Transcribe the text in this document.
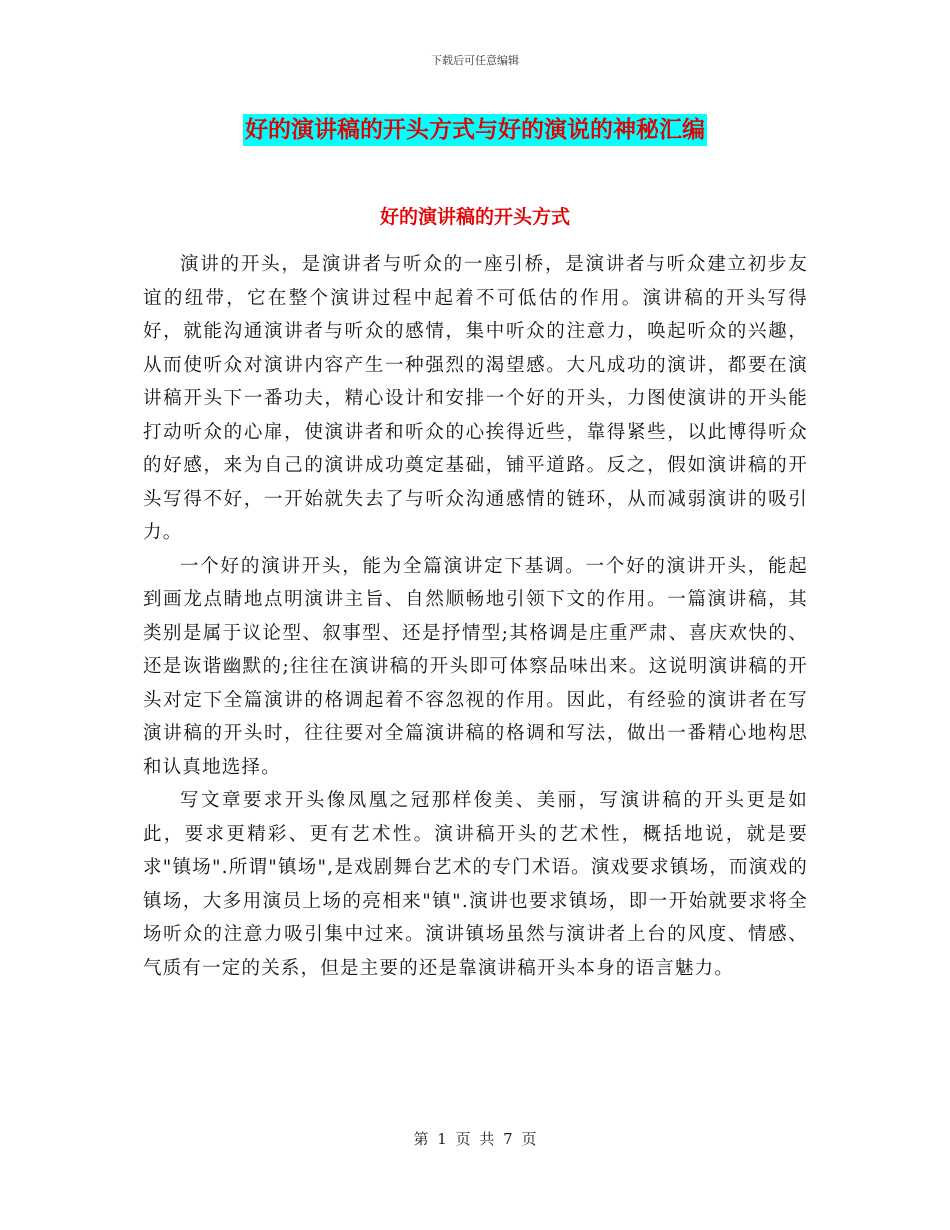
下载后可任意编辑
好的演讲稿的开头方式与好的演说的神秘汇编
好的演讲稿的开头方式

演讲的开头，是演讲者与听众的一座引桥，是演讲者与听众建立初步友谊的纽带，它在整个演讲过程中起着不可低估的作用。演讲稿的开头写得好，就能沟通演讲者与听众的感情，集中听众的注意力，唤起听众的兴趣，从而使听众对演讲内容产生一种强烈的渴望感。大凡成功的演讲，都要在演讲稿开头下一番功夫，精心设计和安排一个好的开头，力图使演讲的开头能打动听众的心扉，使演讲者和听众的心挨得近些，靠得紧些，以此博得听众的好感，来为自己的演讲成功奠定基础，铺平道路。反之，假如演讲稿的开头写得不好，一开始就失去了与听众沟通感情的链环，从而减弱演讲的吸引力。

一个好的演讲开头，能为全篇演讲定下基调。一个好的演讲开头，能起到画龙点睛地点明演讲主旨、自然顺畅地引领下文的作用。一篇演讲稿，其类别是属于议论型、叙事型、还是抒情型;其格调是庄重严肃、喜庆欢快的、还是诙谐幽默的;往往在演讲稿的开头即可体察品味出来。这说明演讲稿的开头对定下全篇演讲的格调起着不容忽视的作用。因此，有经验的演讲者在写演讲稿的开头时，往往要对全篇演讲稿的格调和写法，做出一番精心地构思和认真地选择。

写文章要求开头像凤凰之冠那样俊美、美丽，写演讲稿的开头更是如此，要求更精彩、更有艺术性。演讲稿开头的艺术性，概括地说，就是要求"镇场".所谓"镇场",是戏剧舞台艺术的专门术语。演戏要求镇场，而演戏的镇场，大多用演员上场的亮相来"镇".演讲也要求镇场，即一开始就要求将全场听众的注意力吸引集中过来。演讲镇场虽然与演讲者上台的风度、情感、气质有一定的关系，但是主要的还是靠演讲稿开头本身的语言魅力。

第 1 页 共 7 页
